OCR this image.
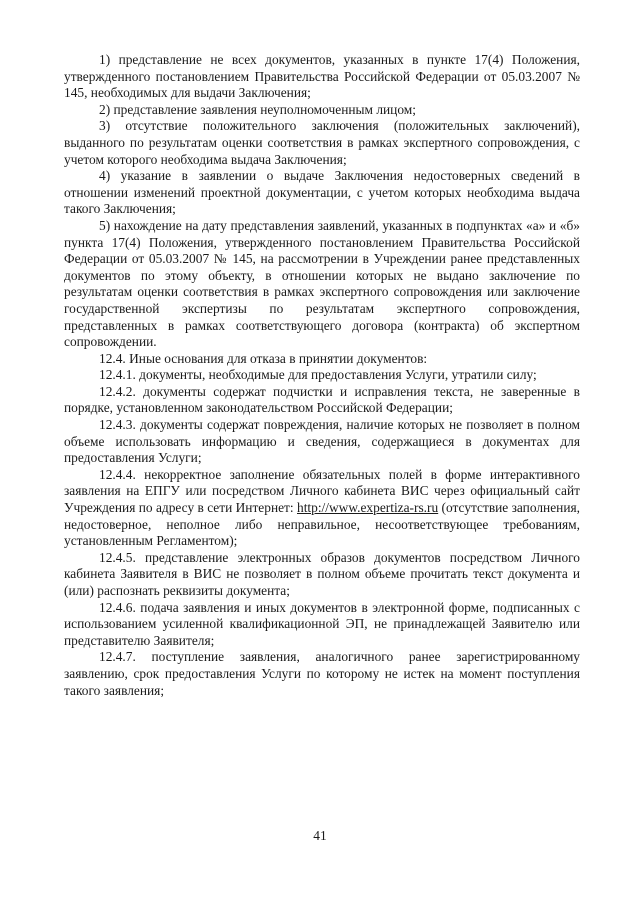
1) представление не всех документов, указанных в пункте 17(4) Положения, утвержденного постановлением Правительства Российской Федерации от 05.03.2007 № 145, необходимых для выдачи Заключения;

2) представление заявления неуполномоченным лицом;

3) отсутствие положительного заключения (положительных заключений), выданного по результатам оценки соответствия в рамках экспертного сопровождения, с учетом которого необходима выдача Заключения;

4) указание в заявлении о выдаче Заключения недостоверных сведений в отношении изменений проектной документации, с учетом которых необходима выдача такого Заключения;

5) нахождение на дату представления заявлений, указанных в подпунктах «а» и «б» пункта 17(4) Положения, утвержденного постановлением Правительства Российской Федерации от 05.03.2007 № 145, на рассмотрении в Учреждении ранее представленных документов по этому объекту, в отношении которых не выдано заключение по результатам оценки соответствия в рамках экспертного сопровождения или заключение государственной экспертизы по результатам экспертного сопровождения, представленных в рамках соответствующего договора (контракта) об экспертном сопровождении.

12.4. Иные основания для отказа в принятии документов:

12.4.1. документы, необходимые для предоставления Услуги, утратили силу;

12.4.2. документы содержат подчистки и исправления текста, не заверенные в порядке, установленном законодательством Российской Федерации;

12.4.3. документы содержат повреждения, наличие которых не позволяет в полном объеме использовать информацию и сведения, содержащиеся в документах для предоставления Услуги;

12.4.4. некорректное заполнение обязательных полей в форме интерактивного заявления на ЕПГУ или посредством Личного кабинета ВИС через официальный сайт Учреждения по адресу в сети Интернет: http://www.expertiza-rs.ru (отсутствие заполнения, недостоверное, неполное либо неправильное, несоответствующее требованиям, установленным Регламентом);

12.4.5. представление электронных образов документов посредством Личного кабинета Заявителя в ВИС не позволяет в полном объеме прочитать текст документа и (или) распознать реквизиты документа;

12.4.6. подача заявления и иных документов в электронной форме, подписанных с использованием усиленной квалификационной ЭП, не принадлежащей Заявителю или представителю Заявителя;

12.4.7. поступление заявления, аналогичного ранее зарегистрированному заявлению, срок предоставления Услуги по которому не истек на момент поступления такого заявления;

41
